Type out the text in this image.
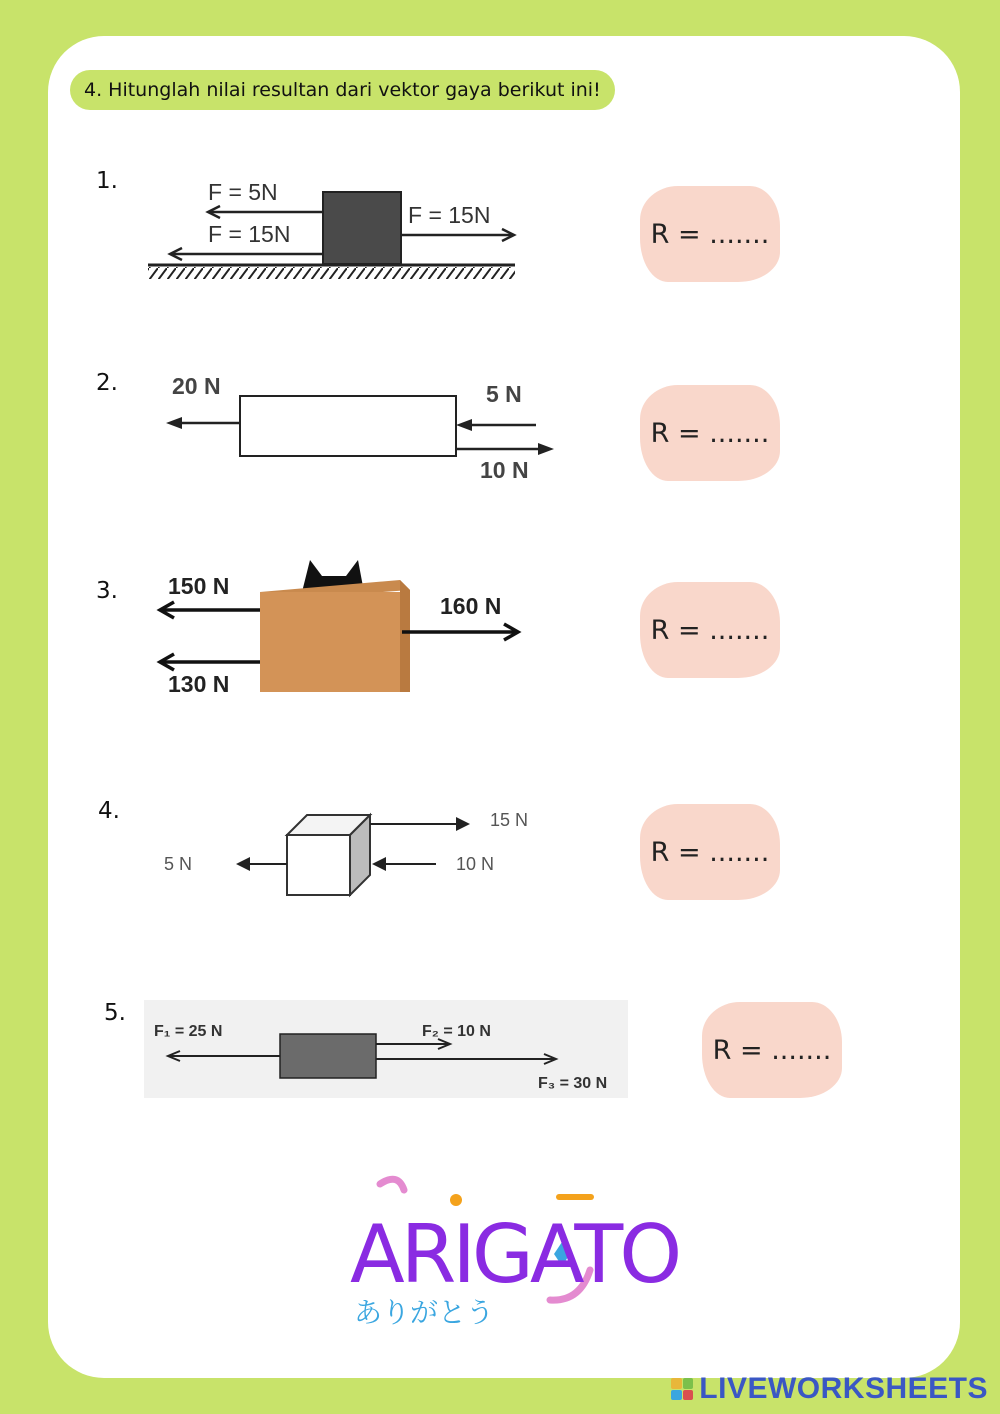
4. Hitunglah nilai resultan dari vektor gaya berikut ini!
1.	F = 5N
F = 15N
F = 15N
R = .......
2. 20 N	5 N
10 N
R = .......
3. 150 N
130 N
160 N
R = .......
4.
5 N
15 N
10 N	R = .......
5.
F₁ = 25 N	F₂ = 10 N
F₃ = 30 N
R = .......
ARIGATO
ありがとう
LIVEWORKSHEETS
